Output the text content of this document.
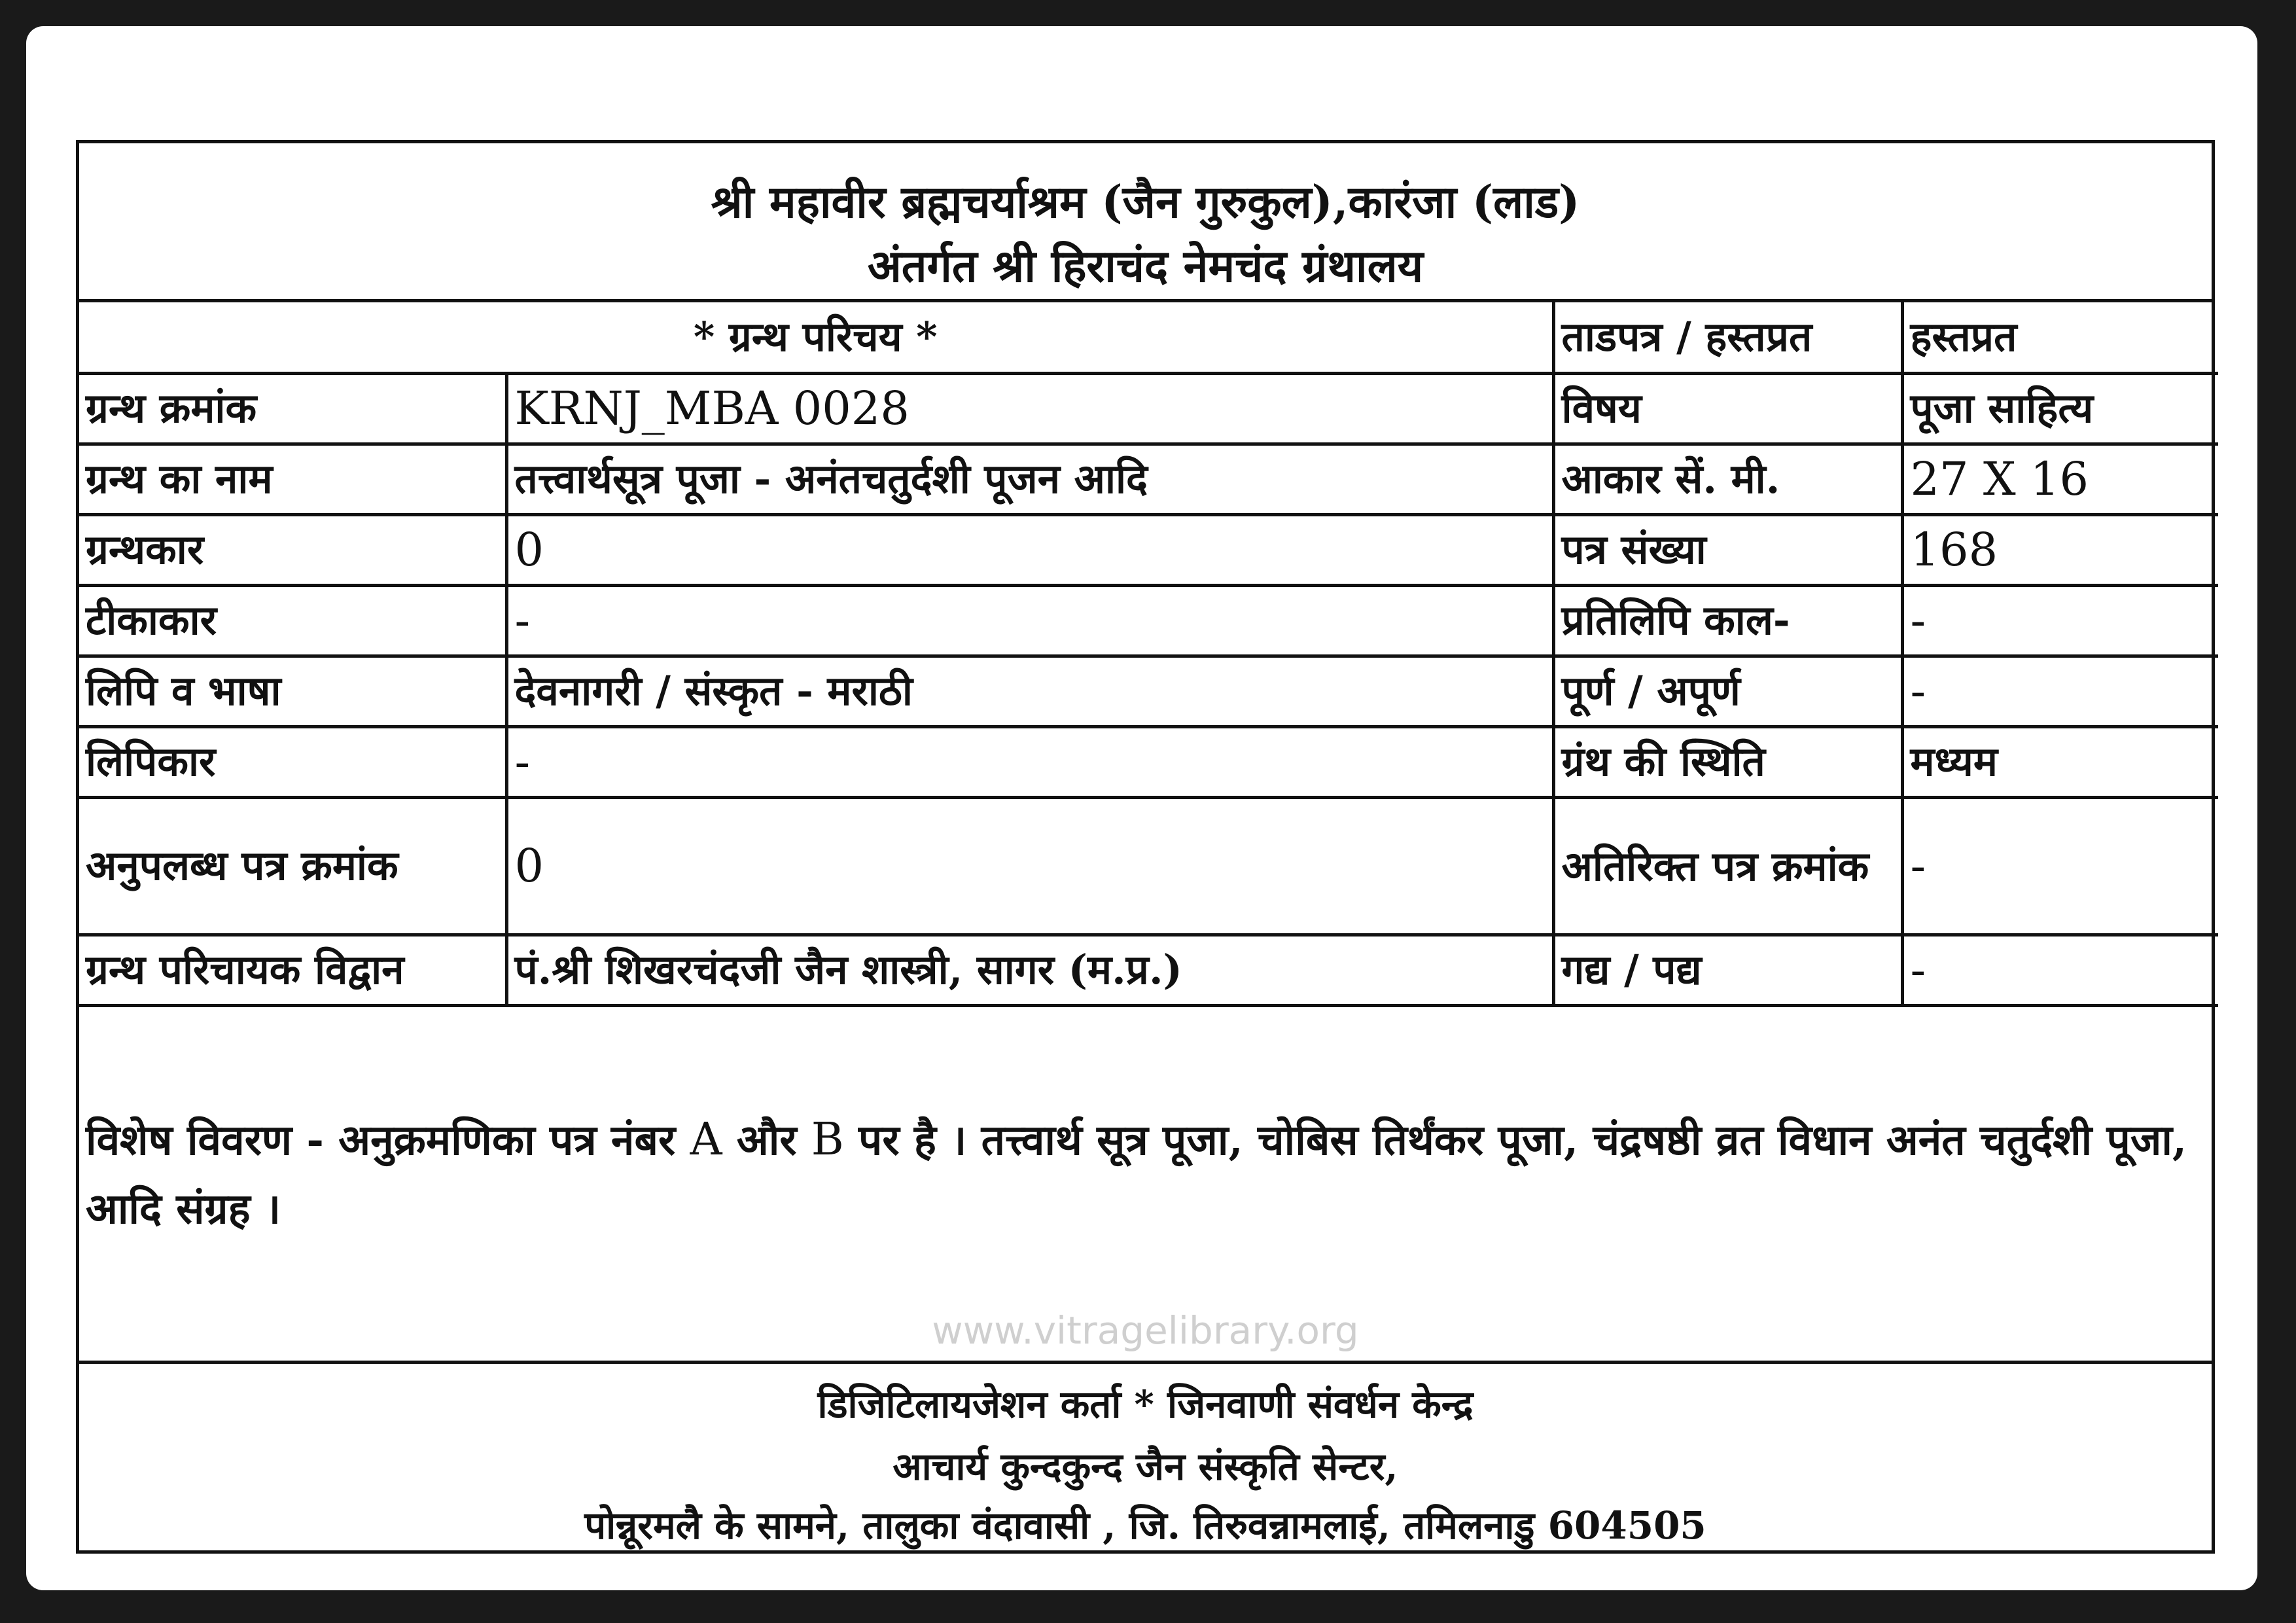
श्री महावीर ब्रह्मचर्याश्रम (जैन गुरुकुल),कारंजा (लाड)
अंतर्गत श्री हिराचंद नेमचंद ग्रंथालय
* ग्रन्थ परिचय *		ताडपत्र / हस्तप्रत	हस्तप्रत
ग्रन्थ क्रमांक	KRNJ_MBA 0028	विषय	पूजा साहित्य
ग्रन्थ का नाम	तत्त्वार्थसूत्र पूजा - अनंतचतुर्दशी पूजन आदि	आकार सें. मी.	27 X 16
ग्रन्थकार	0	पत्र संख्या	168
टीकाकार	-	प्रतिलिपि काल-	-
लिपि व भाषा	देवनागरी / संस्कृत - मराठी	पूर्ण / अपूर्ण	-
लिपिकार	-	ग्रंथ की स्थिति	मध्यम
अनुपलब्ध पत्र क्रमांक	0	अतिरिक्त पत्र क्रमांक	-
ग्रन्थ परिचायक विद्वान	पं.श्री शिखरचंदजी जैन शास्त्री, सागर (म.प्र.)	गद्य / पद्य	-
विशेष विवरण - अनुक्रमणिका पत्र नंबर A और B पर है । तत्त्वार्थ सूत्र पूजा, चोबिस तिर्थंकर पूजा, चंद्रषष्ठी व्रत विधान अनंत चतुर्दशी पूजा, आदि संग्रह ।
www.vitragelibrary.org
डिजिटिलायजेशन कर्ता * जिनवाणी संवर्धन केन्द्र
आचार्य कुन्दकुन्द जैन संस्कृति सेन्टर,
पोन्नूरमलै के सामने, तालुका वंदावासी , जि. तिरुवन्नामलाई, तमिलनाडु 604505
